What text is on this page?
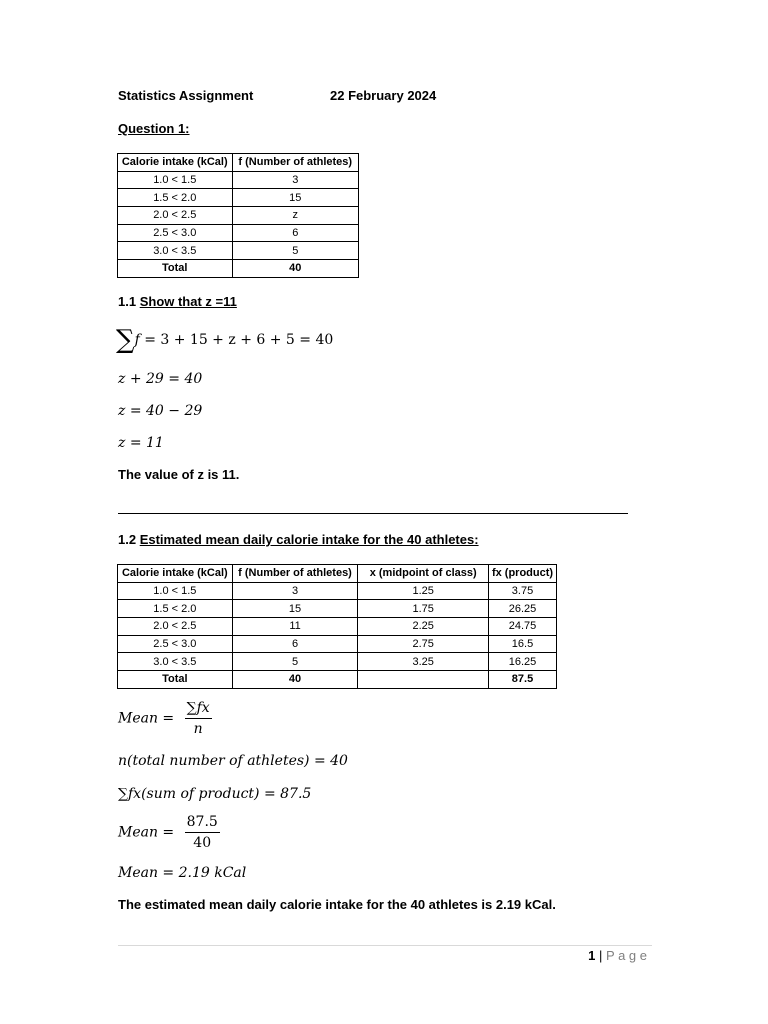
Statistics Assignment	22 February 2024
Question 1:
Calorie intake (kCal)	f (Number of athletes)
1.0 < 1.5	3
1.5 < 2.0	15
2.0 < 2.5	z
2.5 < 3.0	6
3.0 < 3.5	5
Total	40
1.1 Show that z =11
∑f = 3 + 15 + z + 6 + 5 = 40
z + 29 = 40
z = 40 − 29
z = 11
The value of z is 11.
1.2 Estimated mean daily calorie intake for the 40 athletes:
Calorie intake (kCal)	f (Number of athletes)	x (midpoint of class)	fx (product)
1.0 < 1.5	3	1.25	3.75
1.5 < 2.0	15	1.75	26.25
2.0 < 2.5	11	2.25	24.75
2.5 < 3.0	6	2.75	16.5
3.0 < 3.5	5	3.25	16.25
Total	40		87.5
Mean = $\frac{\sum fx}{n}$
n(total number of athletes) = 40
∑fx(sum of product) = 87.5
Mean = $\frac{87.5}{40}$
Mean = 2.19 kCal
The estimated mean daily calorie intake for the 40 athletes is 2.19 kCal.
1 | P a g e
